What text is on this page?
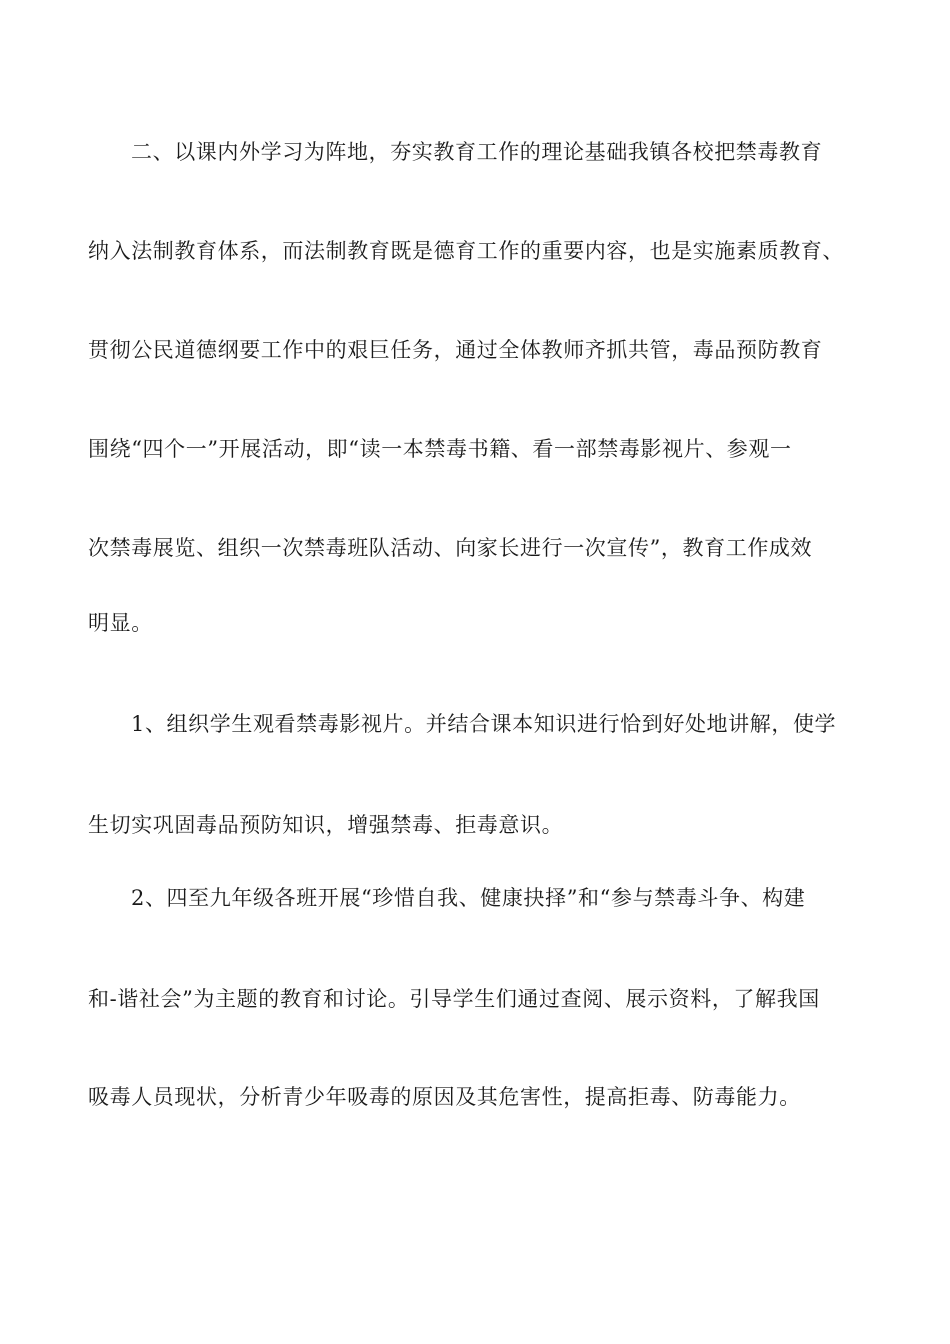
二、以课内外学习为阵地，夯实教育工作的理论基础我镇各校把禁毒教育
纳入法制教育体系，而法制教育既是德育工作的重要内容，也是实施素质教育、
贯彻公民道德纲要工作中的艰巨任务，通过全体教师齐抓共管，毒品预防教育
围绕“四个一”开展活动，即“读一本禁毒书籍、看一部禁毒影视片、参观一
次禁毒展览、组织一次禁毒班队活动、向家长进行一次宣传”，教育工作成效
明显。
1、组织学生观看禁毒影视片。并结合课本知识进行恰到好处地讲解，使学
生切实巩固毒品预防知识，增强禁毒、拒毒意识。
2、四至九年级各班开展“珍惜自我、健康抉择”和“参与禁毒斗争、构建
和-谐社会”为主题的教育和讨论。引导学生们通过查阅、展示资料，了解我国
吸毒人员现状，分析青少年吸毒的原因及其危害性，提高拒毒、防毒能力。
